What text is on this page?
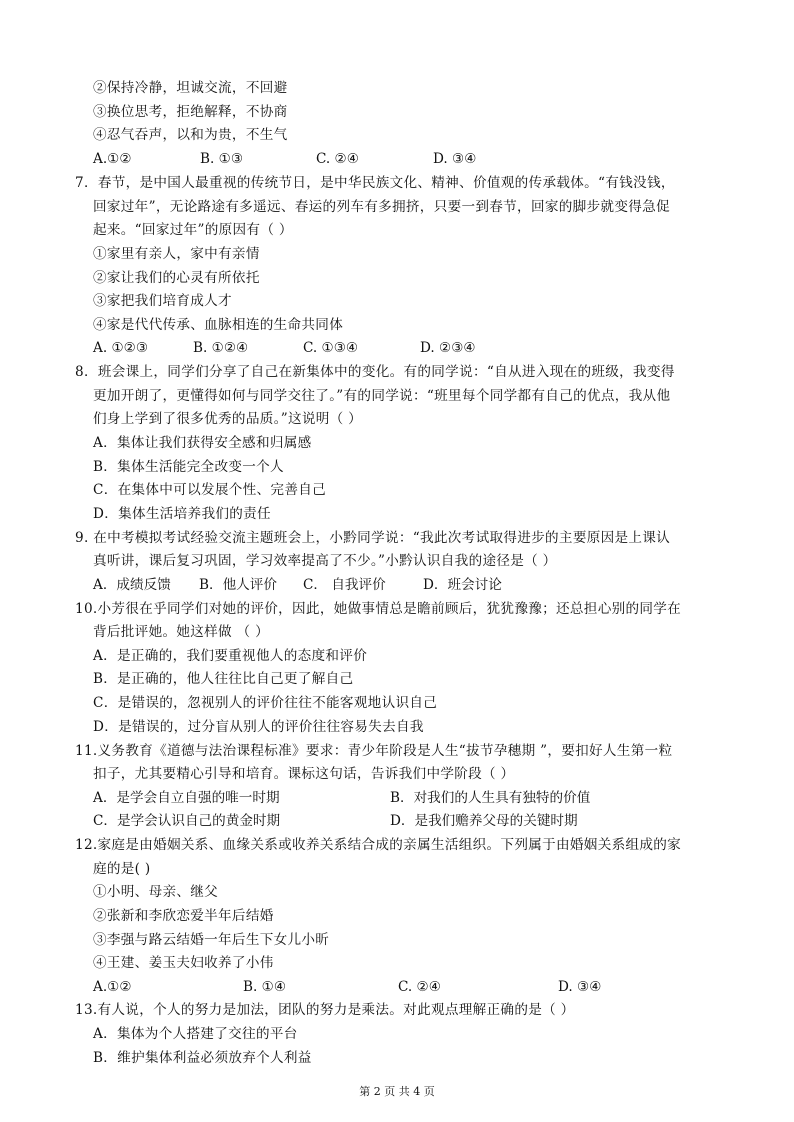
②保持冷静，坦诚交流，不回避
③换位思考，拒绝解释，不协商
④忍气吞声，以和为贵，不生气
A.①②	B. ①③	C. ②④	D. ③④
7．春节，是中国人最重视的传统节日，是中华民族文化、精神、价值观的传承载体。“有钱没钱，
回家过年”，无论路途有多遥远、春运的列车有多拥挤，只要一到春节，回家的脚步就变得急促
起来。“回家过年”的原因有（ ）
①家里有亲人，家中有亲情
②家让我们的心灵有所依托
③家把我们培育成人才
④家是代代传承、血脉相连的生命共同体
A. ①②③	B. ①②④	C. ①③④	D. ②③④
8．班会课上，同学们分享了自己在新集体中的变化。有的同学说：“自从进入现在的班级，我变得
更加开朗了，更懂得如何与同学交往了。”有的同学说：“班里每个同学都有自己的优点，我从他
们身上学到了很多优秀的品质。”这说明（ ）
A．集体让我们获得安全感和归属感
B．集体生活能完全改变一个人
C．在集体中可以发展个性、完善自己
D．集体生活培养我们的责任
9. 在中考模拟考试经验交流主题班会上，小黔同学说：“我此次考试取得进步的主要原因是上课认
真听讲，课后复习巩固，学习效率提高了不少。”小黔认识自我的途径是（ ）
A．成绩反馈 B．他人评价 C． 自我评价	D．班会讨论
10.小芳很在乎同学们对她的评价，因此，她做事情总是瞻前顾后，犹犹豫豫；还总担心别的同学在
背后批评她。她这样做 （ ）
A．是正确的，我们要重视他人的态度和评价
B．是正确的，他人往往比自己更了解自己
C．是错误的，忽视别人的评价往往不能客观地认识自己
D．是错误的，过分盲从别人的评价往往容易失去自我
11.义务教育《道德与法治课程标准》要求：青少年阶段是人生“拔节孕穗期 ”，要扣好人生第一粒
扣子，尤其要精心引导和培育。课标这句话，告诉我们中学阶段（ ）
A．是学会自立自强的唯一时期	B．对我们的人生具有独特的价值
C．是学会认识自己的黄金时期	D．是我们赡养父母的关键时期
12.家庭是由婚姻关系、血缘关系或收养关系结合成的亲属生活组织。下列属于由婚姻关系组成的家
庭的是( )
①小明、母亲、继父
②张新和李欣恋爱半年后结婚
③李强与路云结婚一年后生下女儿小昕
④王建、姜玉夫妇收养了小伟
A.①②	B. ①④	C. ②④	D. ③④
13.有人说，个人的努力是加法，团队的努力是乘法。对此观点理解正确的是（ ）
A．集体为个人搭建了交往的平台
B．维护集体利益必须放弃个人利益
第 2 页 共 4 页
